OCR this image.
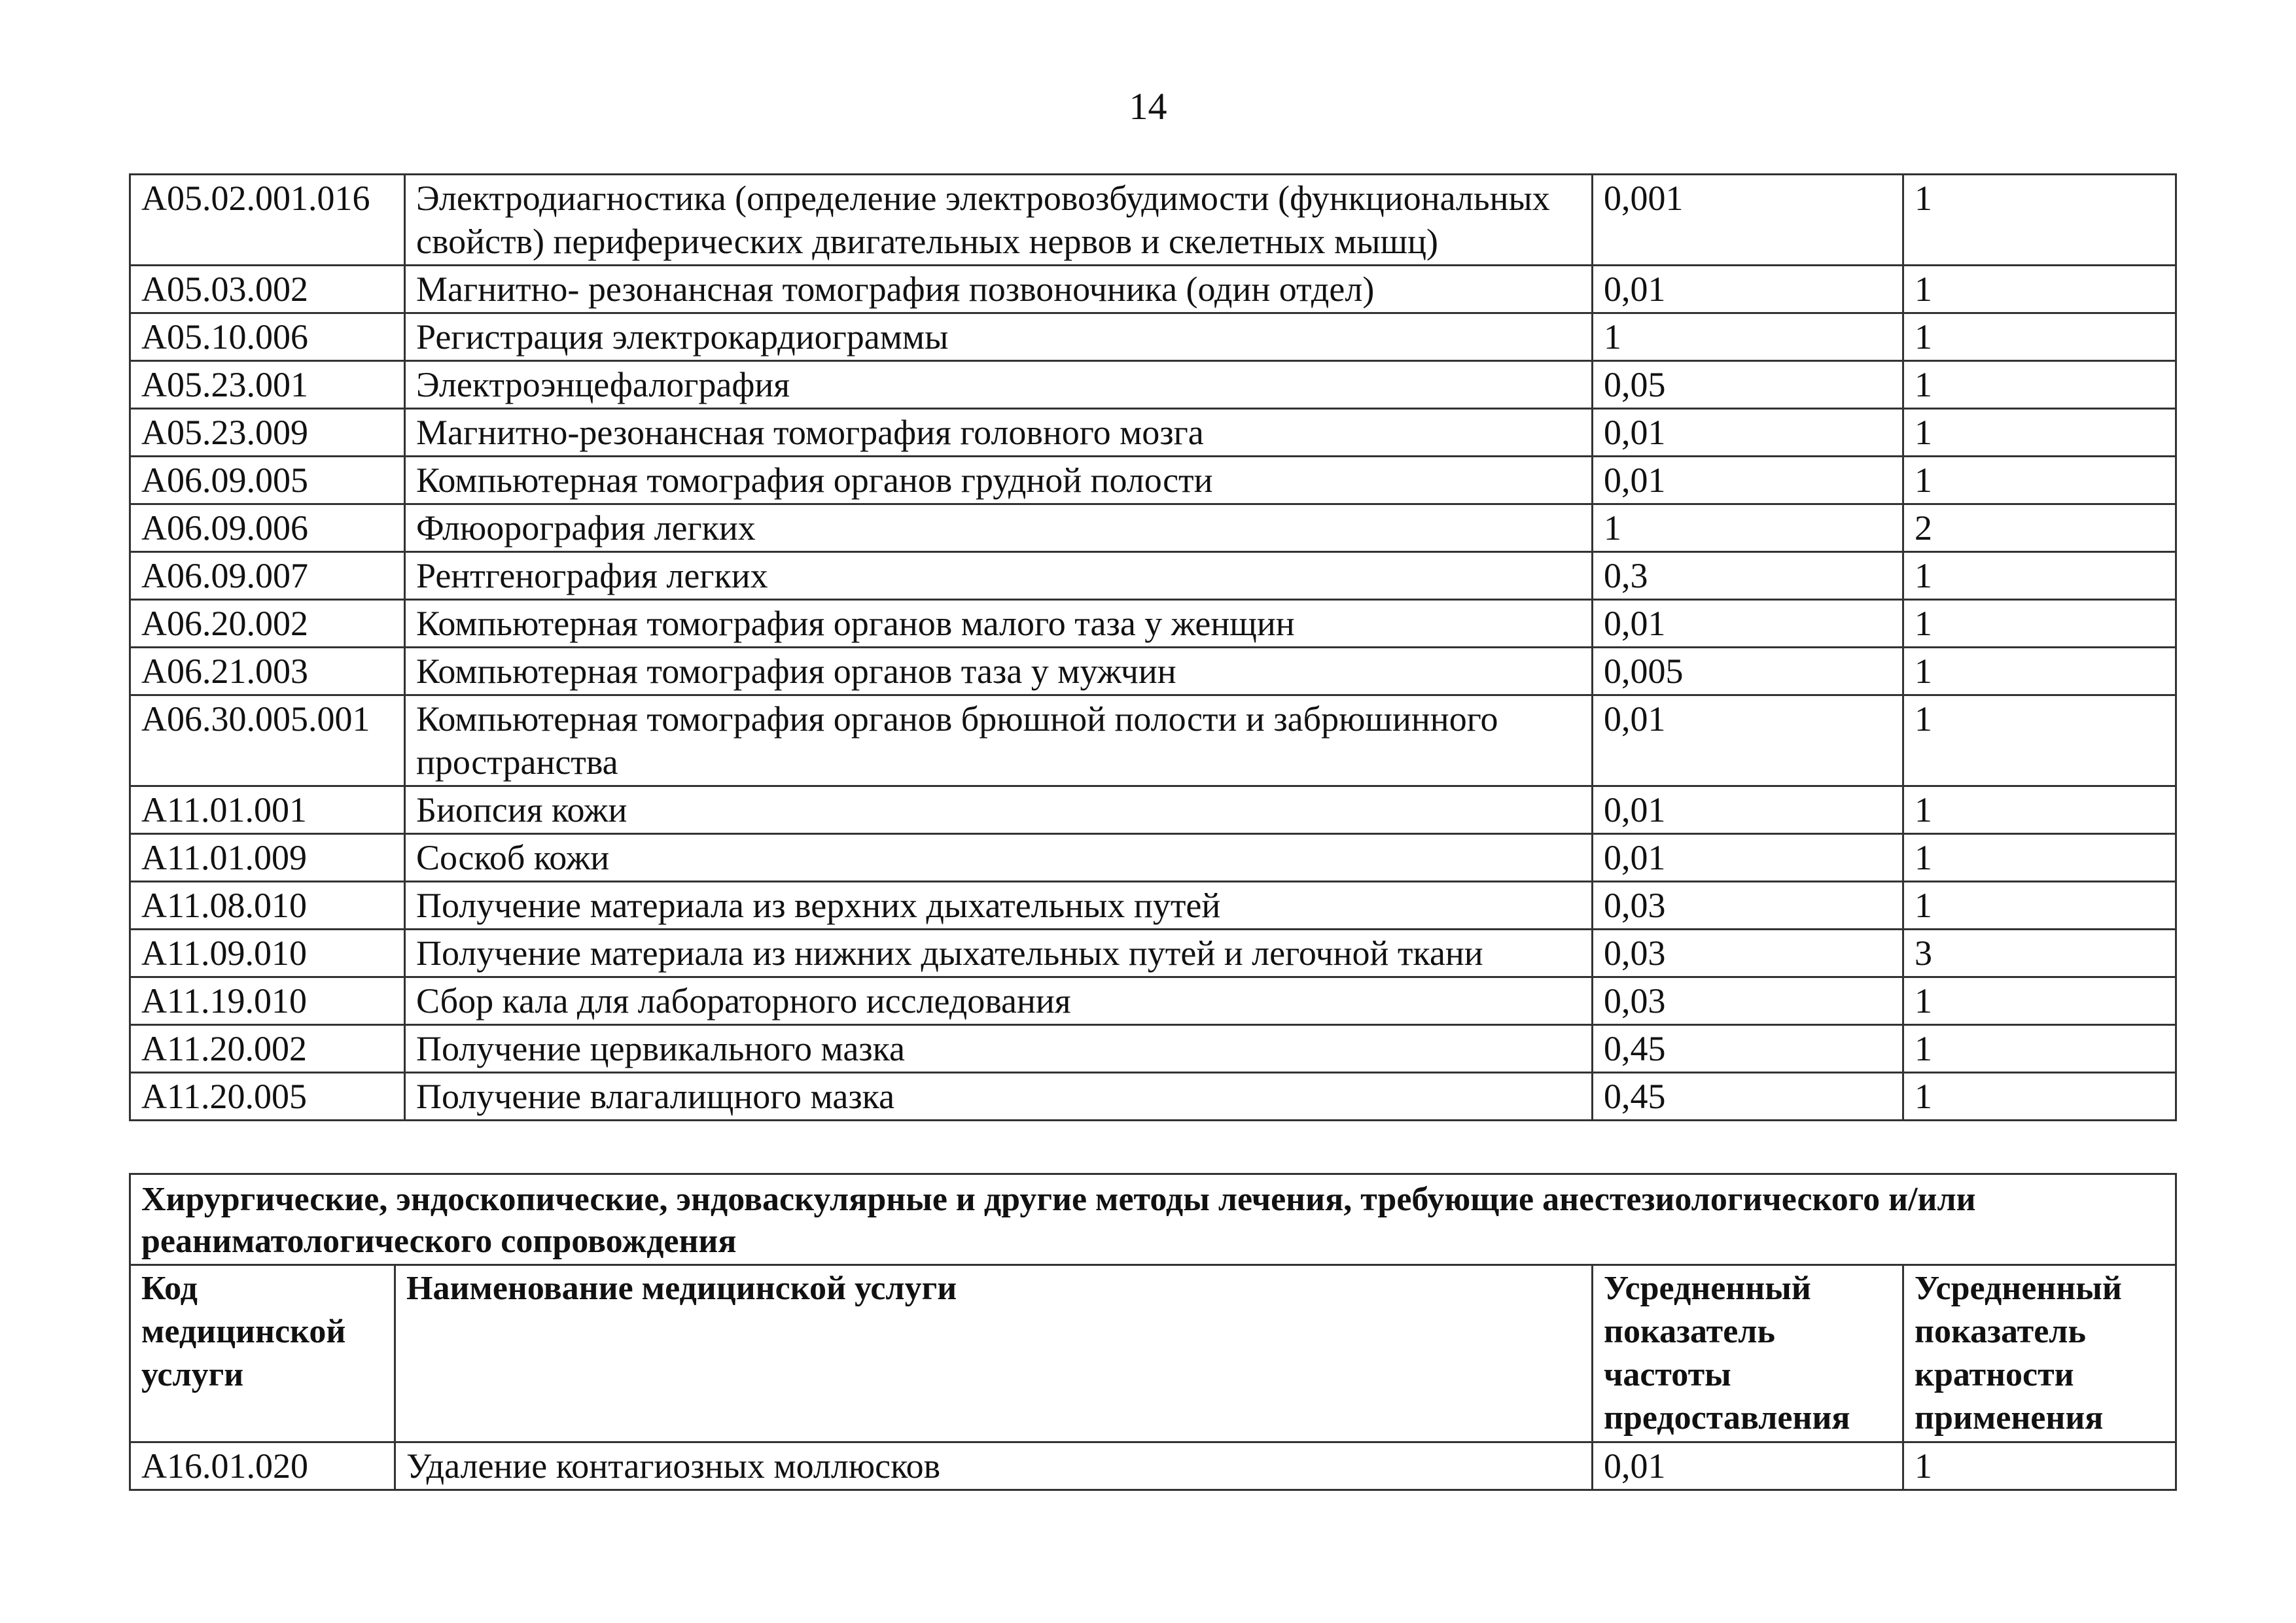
14
A05.02.001.016	Электродиагностика (определение электровозбудимости (функциональных свойств) периферических двигательных нервов и скелетных мышц)	0,001	1
A05.03.002	Магнитно- резонансная томография позвоночника (один отдел)	0,01	1
A05.10.006	Регистрация электрокардиограммы	1	1
A05.23.001	Электроэнцефалография	0,05	1
A05.23.009	Магнитно-резонансная томография головного мозга	0,01	1
A06.09.005	Компьютерная томография органов грудной полости	0,01	1
A06.09.006	Флюорография легких	1	2
A06.09.007	Рентгенография легких	0,3	1
A06.20.002	Компьютерная томография органов малого таза у женщин	0,01	1
A06.21.003	Компьютерная томография органов таза у мужчин	0,005	1
A06.30.005.001	Компьютерная томография органов брюшной полости и забрюшинного пространства	0,01	1
A11.01.001	Биопсия кожи	0,01	1
A11.01.009	Соскоб кожи	0,01	1
A11.08.010	Получение материала из верхних дыхательных путей	0,03	1
A11.09.010	Получение материала из нижних дыхательных путей и легочной ткани	0,03	3
A11.19.010	Сбор кала для лабораторного исследования	0,03	1
A11.20.002	Получение цервикального мазка	0,45	1
A11.20.005	Получение влагалищного мазка	0,45	1
Хирургические, эндоскопические, эндоваскулярные и другие методы лечения, требующие анестезиологического и/или реаниматологического сопровождения			
Код медицинской услуги	Наименование медицинской услуги	Усредненный показатель частоты предоставления	Усредненный показатель кратности применения
A16.01.020	Удаление контагиозных моллюсков	0,01	1
